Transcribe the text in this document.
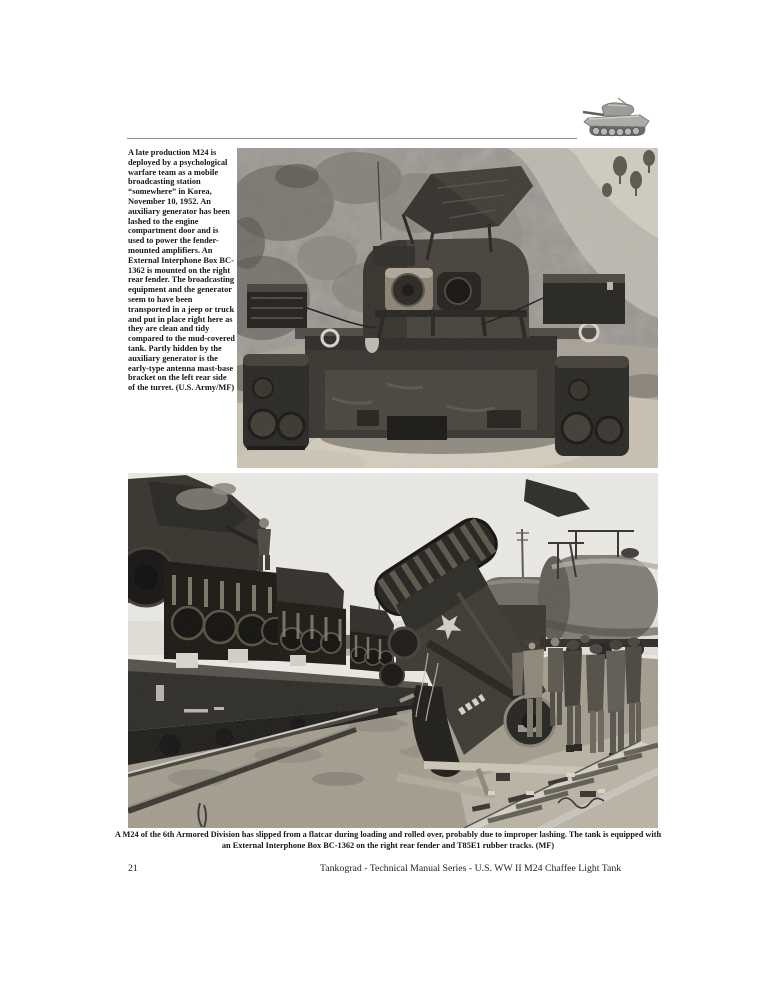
A late production M24 is deployed by a psychological warfare team as a mobile broadcasting station “somewhere” in Korea, November 10, 1952. An auxiliary generator has been lashed to the engine compartment door and is used to power the fender-mounted amplifiers. An External Interphone Box BC-1362 is mounted on the right rear fender. The broadcasting equipment and the generator seem to have been transported in a jeep or truck and put in place right here as they are clean and tidy compared to the mud-covered tank. Partly hidden by the auxiliary generator is the early-type antenna mast-base bracket on the left rear side of the turret. (U.S. Army/MF)

A M24 of the 6th Armored Division has slipped from a flatcar during loading and rolled over, probably due to improper lashing. The tank is equipped with an External Interphone Box BC-1362 on the right rear fender and T85E1 rubber tracks. (MF)

21	Tankograd - Technical Manual Series - U.S. WW II M24 Chaffee Light Tank
